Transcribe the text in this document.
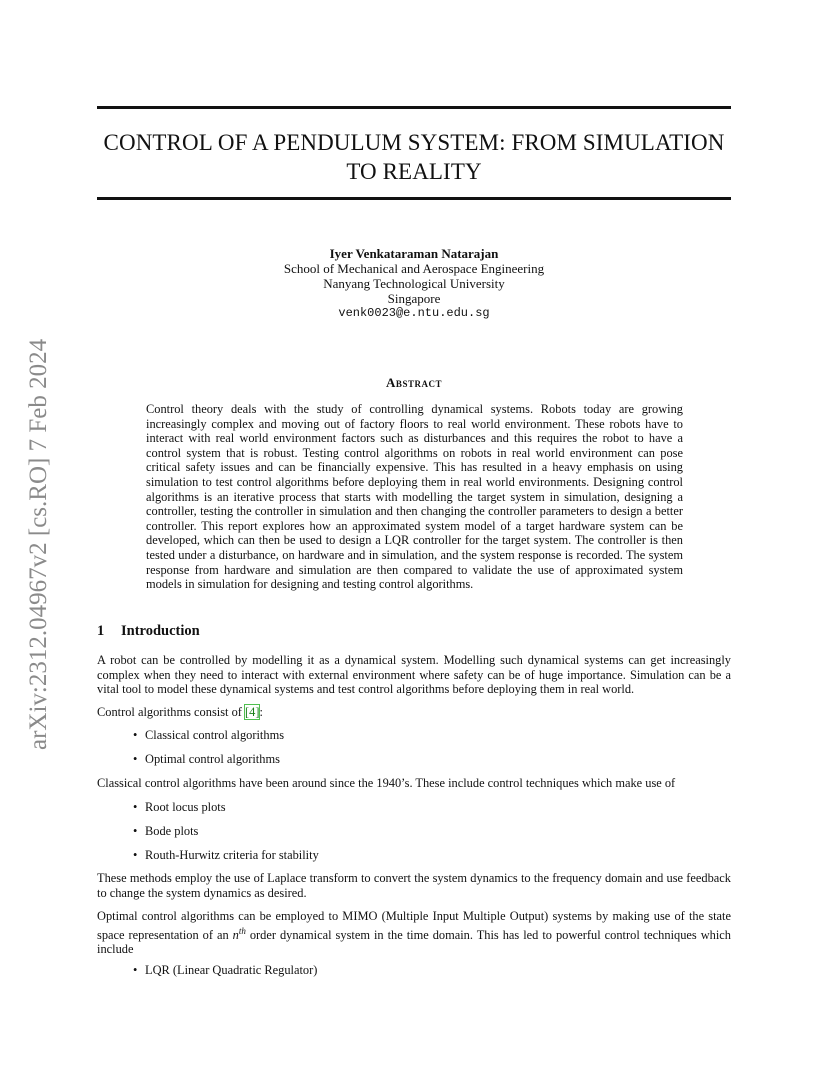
CONTROL OF A PENDULUM SYSTEM: FROM SIMULATION
TO REALITY
Iyer Venkataraman Natarajan
School of Mechanical and Aerospace Engineering
Nanyang Technological University
Singapore
venk0023@e.ntu.edu.sg
arXiv:2312.04967v2 [cs.RO] 7 Feb 2024	Abstract

Control theory deals with the study of controlling dynamical systems. Robots today are growing increasingly complex and moving out of factory floors to real world environment. These robots have to interact with real world environment factors such as disturbances and this requires the robot to have a control system that is robust. Testing control algorithms on robots in real world environment can pose critical safety issues and can be financially expensive. This has resulted in a heavy emphasis on using simulation to test control algorithms before deploying them in real world environments. Designing control algorithms is an iterative process that starts with modelling the target system in simulation, designing a controller, testing the controller in simulation and then changing the controller parameters to design a better controller. This report explores how an approximated system model of a target hardware system can be developed, which can then be used to design a LQR controller for the target system. The controller is then tested under a disturbance, on hardware and in simulation, and the system response is recorded. The system response from hardware and simulation are then compared to validate the use of approximated system models in simulation for designing and testing control algorithms.

1 Introduction

A robot can be controlled by modelling it as a dynamical system. Modelling such dynamical systems can get increasingly complex when they need to interact with external environment where safety can be of huge importance. Simulation can be a vital tool to model these dynamical systems and test control algorithms before deploying them in real world.

Control algorithms consist of [4]:

• Classical control algorithms
• Optimal control algorithms

Classical control algorithms have been around since the 1940’s. These include control techniques which make use of

• Root locus plots
• Bode plots
• Routh-Hurwitz criteria for stability

These methods employ the use of Laplace transform to convert the system dynamics to the frequency domain and use feedback to change the system dynamics as desired.

Optimal control algorithms can be employed to MIMO (Multiple Input Multiple Output) systems by making use of the state space representation of an $n^{th}$ order dynamical system in the time domain. This has led to powerful control techniques which include

• LQR (Linear Quadratic Regulator)
